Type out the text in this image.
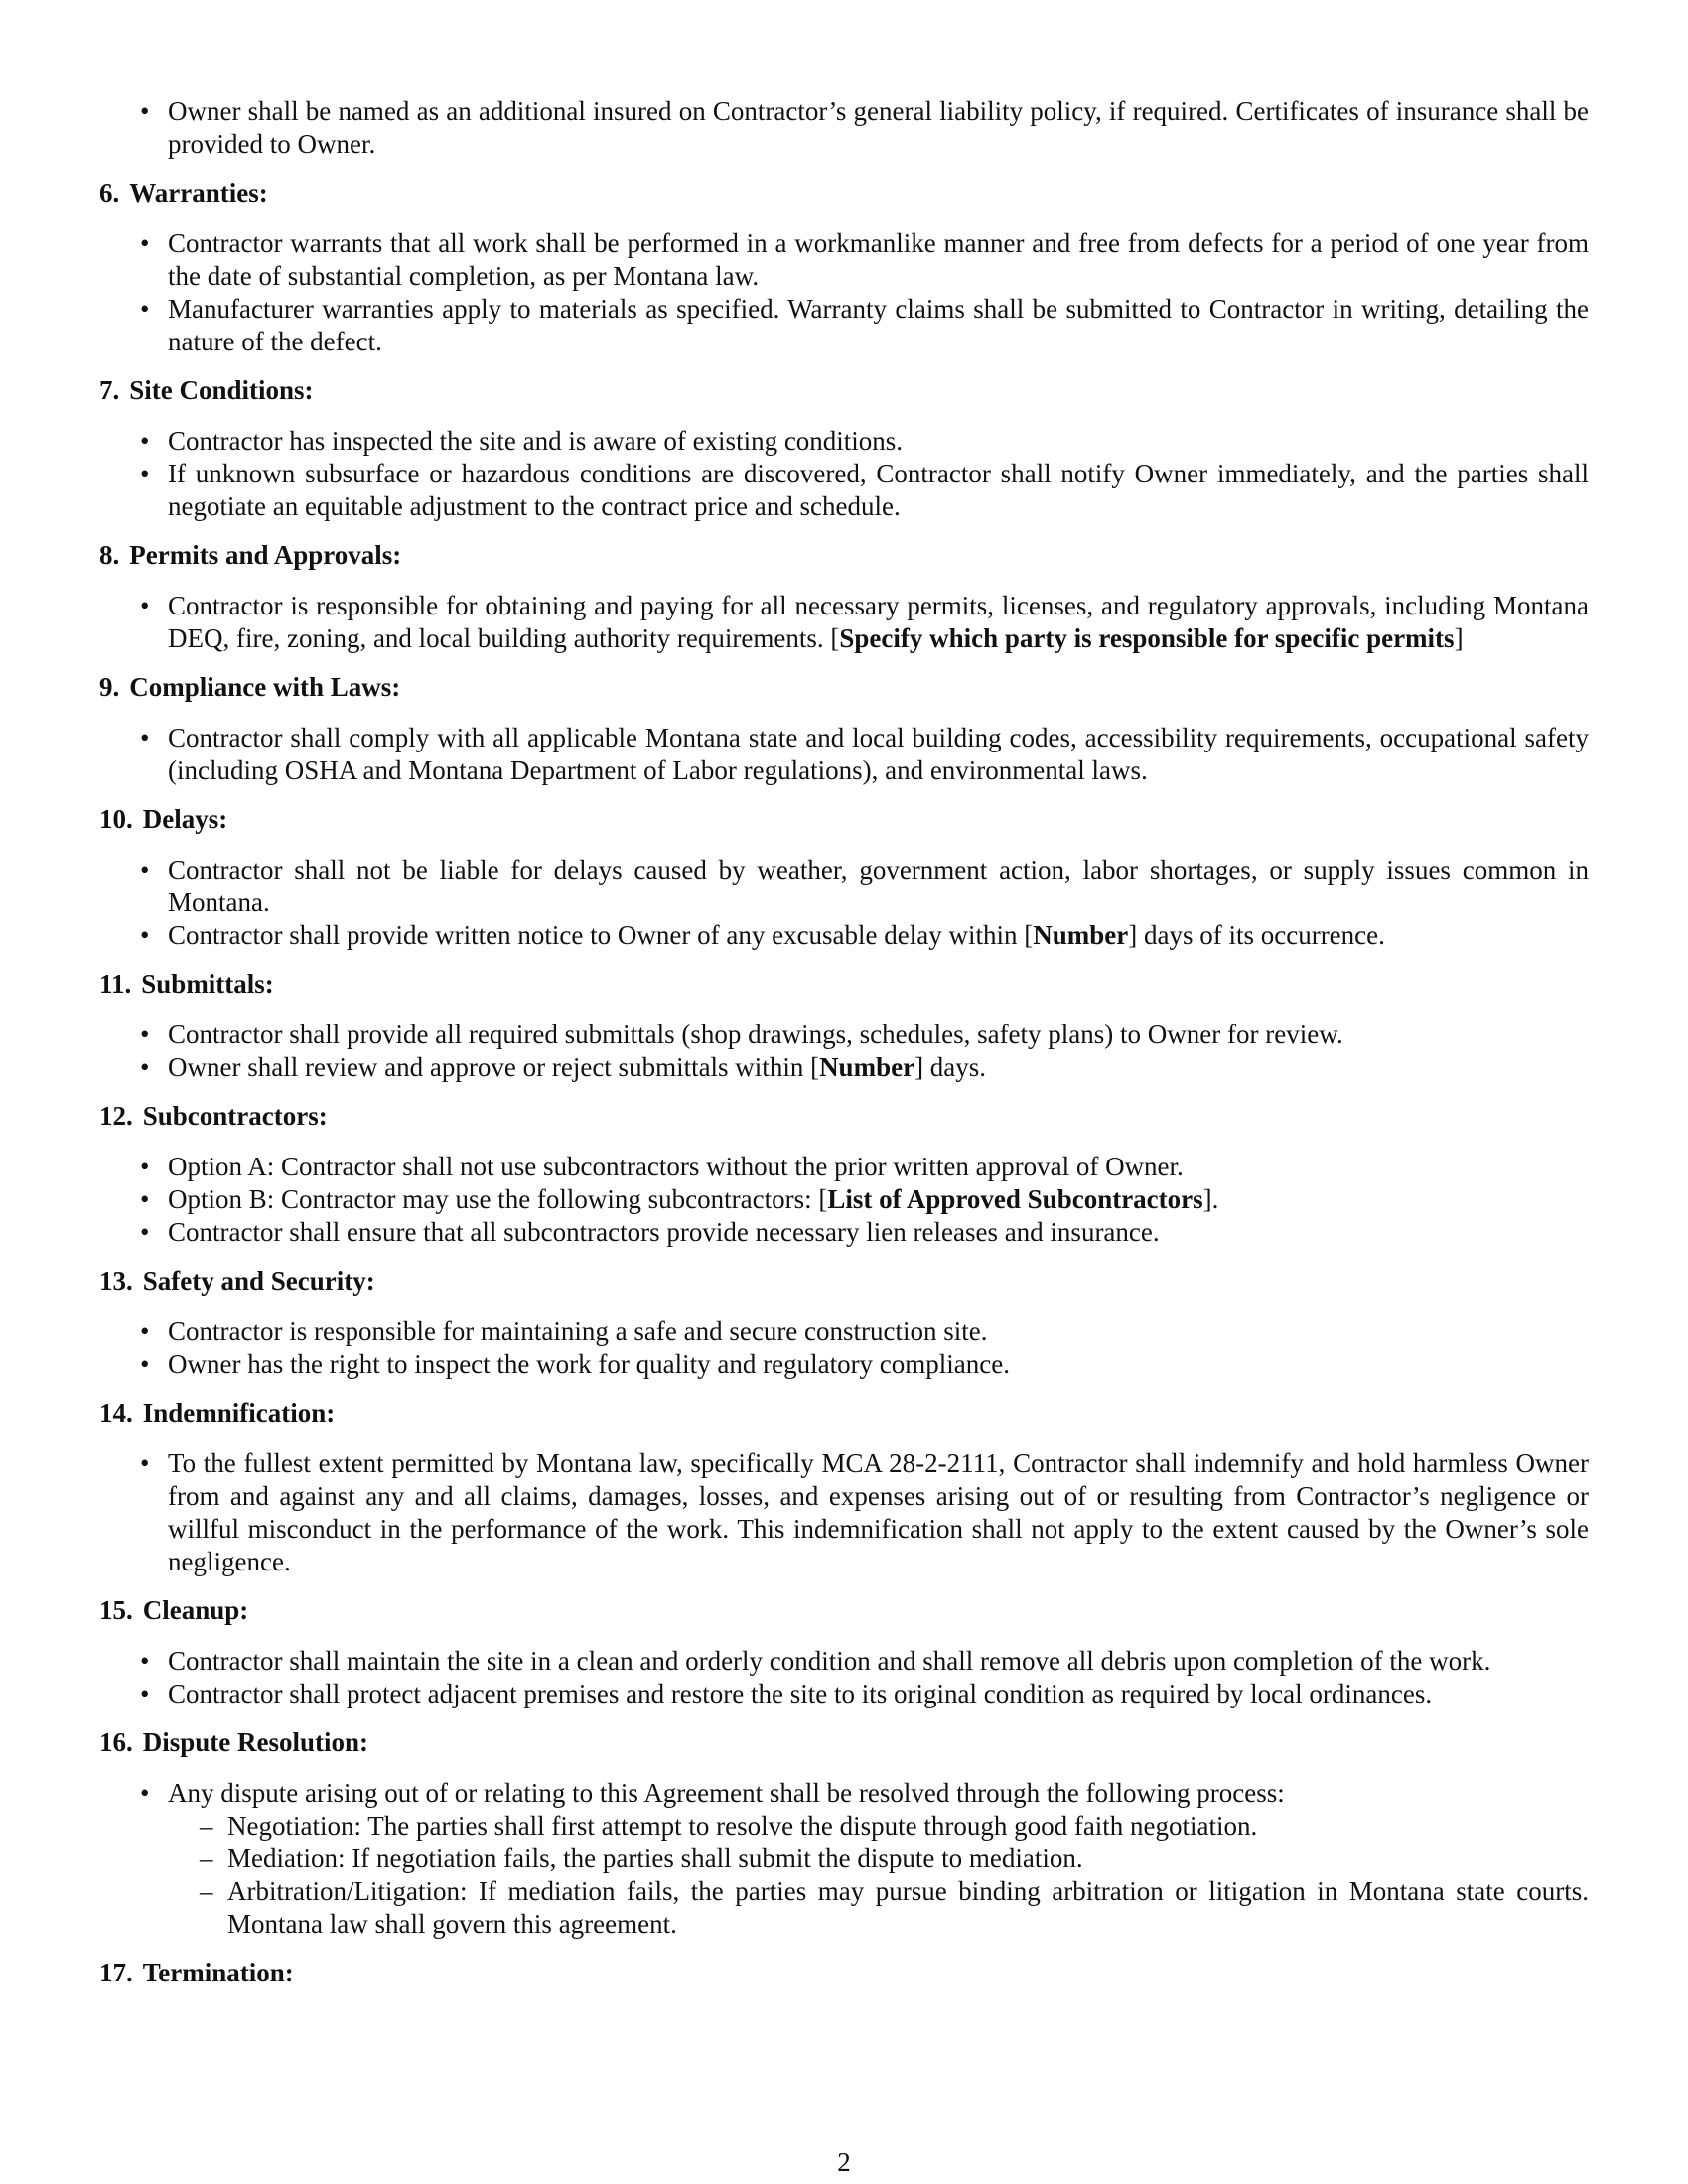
• Owner shall be named as an additional insured on Contractor’s general liability policy, if required. Certificates of insurance shall be provided to Owner.
6. Warranties:
• Contractor warrants that all work shall be performed in a workmanlike manner and free from defects for a period of one year from the date of substantial completion, as per Montana law.
• Manufacturer warranties apply to materials as specified. Warranty claims shall be submitted to Contractor in writing, detailing the nature of the defect.
7. Site Conditions:
• Contractor has inspected the site and is aware of existing conditions.
• If unknown subsurface or hazardous conditions are discovered, Contractor shall notify Owner immediately, and the parties shall negotiate an equitable adjustment to the contract price and schedule.
8. Permits and Approvals:
• Contractor is responsible for obtaining and paying for all necessary permits, licenses, and regulatory approvals, including Montana DEQ, fire, zoning, and local building authority requirements. [Specify which party is responsible for specific permits]
9. Compliance with Laws:
• Contractor shall comply with all applicable Montana state and local building codes, accessibility requirements, occupational safety (including OSHA and Montana Department of Labor regulations), and environmental laws.
10. Delays:
• Contractor shall not be liable for delays caused by weather, government action, labor shortages, or supply issues common in Montana.
• Contractor shall provide written notice to Owner of any excusable delay within [Number] days of its occurrence.
11. Submittals:
• Contractor shall provide all required submittals (shop drawings, schedules, safety plans) to Owner for review.
• Owner shall review and approve or reject submittals within [Number] days.
12. Subcontractors:
• Option A: Contractor shall not use subcontractors without the prior written approval of Owner.
• Option B: Contractor may use the following subcontractors: [List of Approved Subcontractors].
• Contractor shall ensure that all subcontractors provide necessary lien releases and insurance.
13. Safety and Security:
• Contractor is responsible for maintaining a safe and secure construction site.
• Owner has the right to inspect the work for quality and regulatory compliance.
14. Indemnification:
• To the fullest extent permitted by Montana law, specifically MCA 28-2-2111, Contractor shall indemnify and hold harmless Owner from and against any and all claims, damages, losses, and expenses arising out of or resulting from Contractor’s negligence or willful misconduct in the performance of the work. This indemnification shall not apply to the extent caused by the Owner’s sole negligence.
15. Cleanup:
• Contractor shall maintain the site in a clean and orderly condition and shall remove all debris upon completion of the work.
• Contractor shall protect adjacent premises and restore the site to its original condition as required by local ordinances.
16. Dispute Resolution:
• Any dispute arising out of or relating to this Agreement shall be resolved through the following process:
– Negotiation: The parties shall first attempt to resolve the dispute through good faith negotiation.
– Mediation: If negotiation fails, the parties shall submit the dispute to mediation.
– Arbitration/Litigation: If mediation fails, the parties may pursue binding arbitration or litigation in Montana state courts. Montana law shall govern this agreement.
17. Termination:
2
